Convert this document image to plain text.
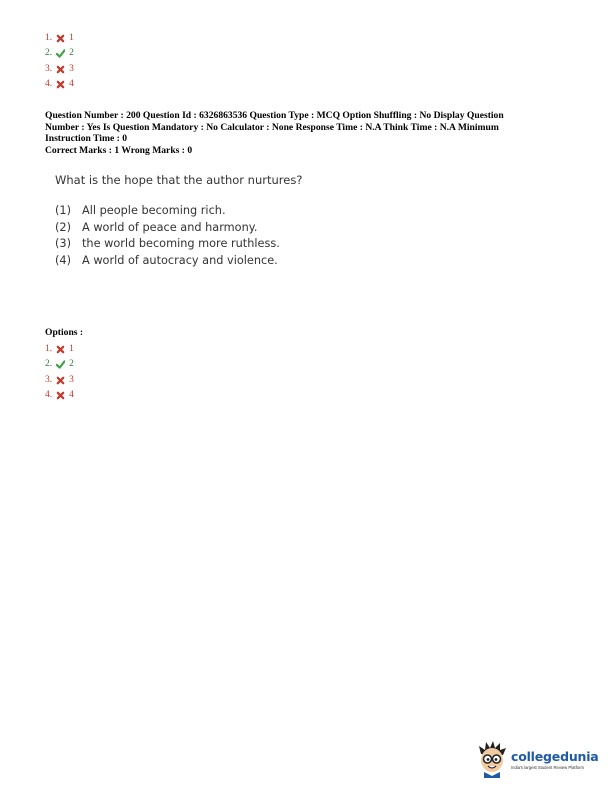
1. 1
2. 2
3. 3
4. 4
Question Number : 200 Question Id : 6326863536 Question Type : MCQ Option Shuffling : No Display Question
Number : Yes Is Question Mandatory : No Calculator : None Response Time : N.A Think Time : N.A Minimum
Instruction Time : 0
Correct Marks : 1 Wrong Marks : 0

What is the hope that the author nurtures?

(1) All people becoming rich.
(2) A world of peace and harmony.
(3) the world becoming more ruthless.
(4) A world of autocracy and violence.
Options :
1. 1
2. 2
3. 3
4. 4
collegedunia
India's largest Student Review Platform
